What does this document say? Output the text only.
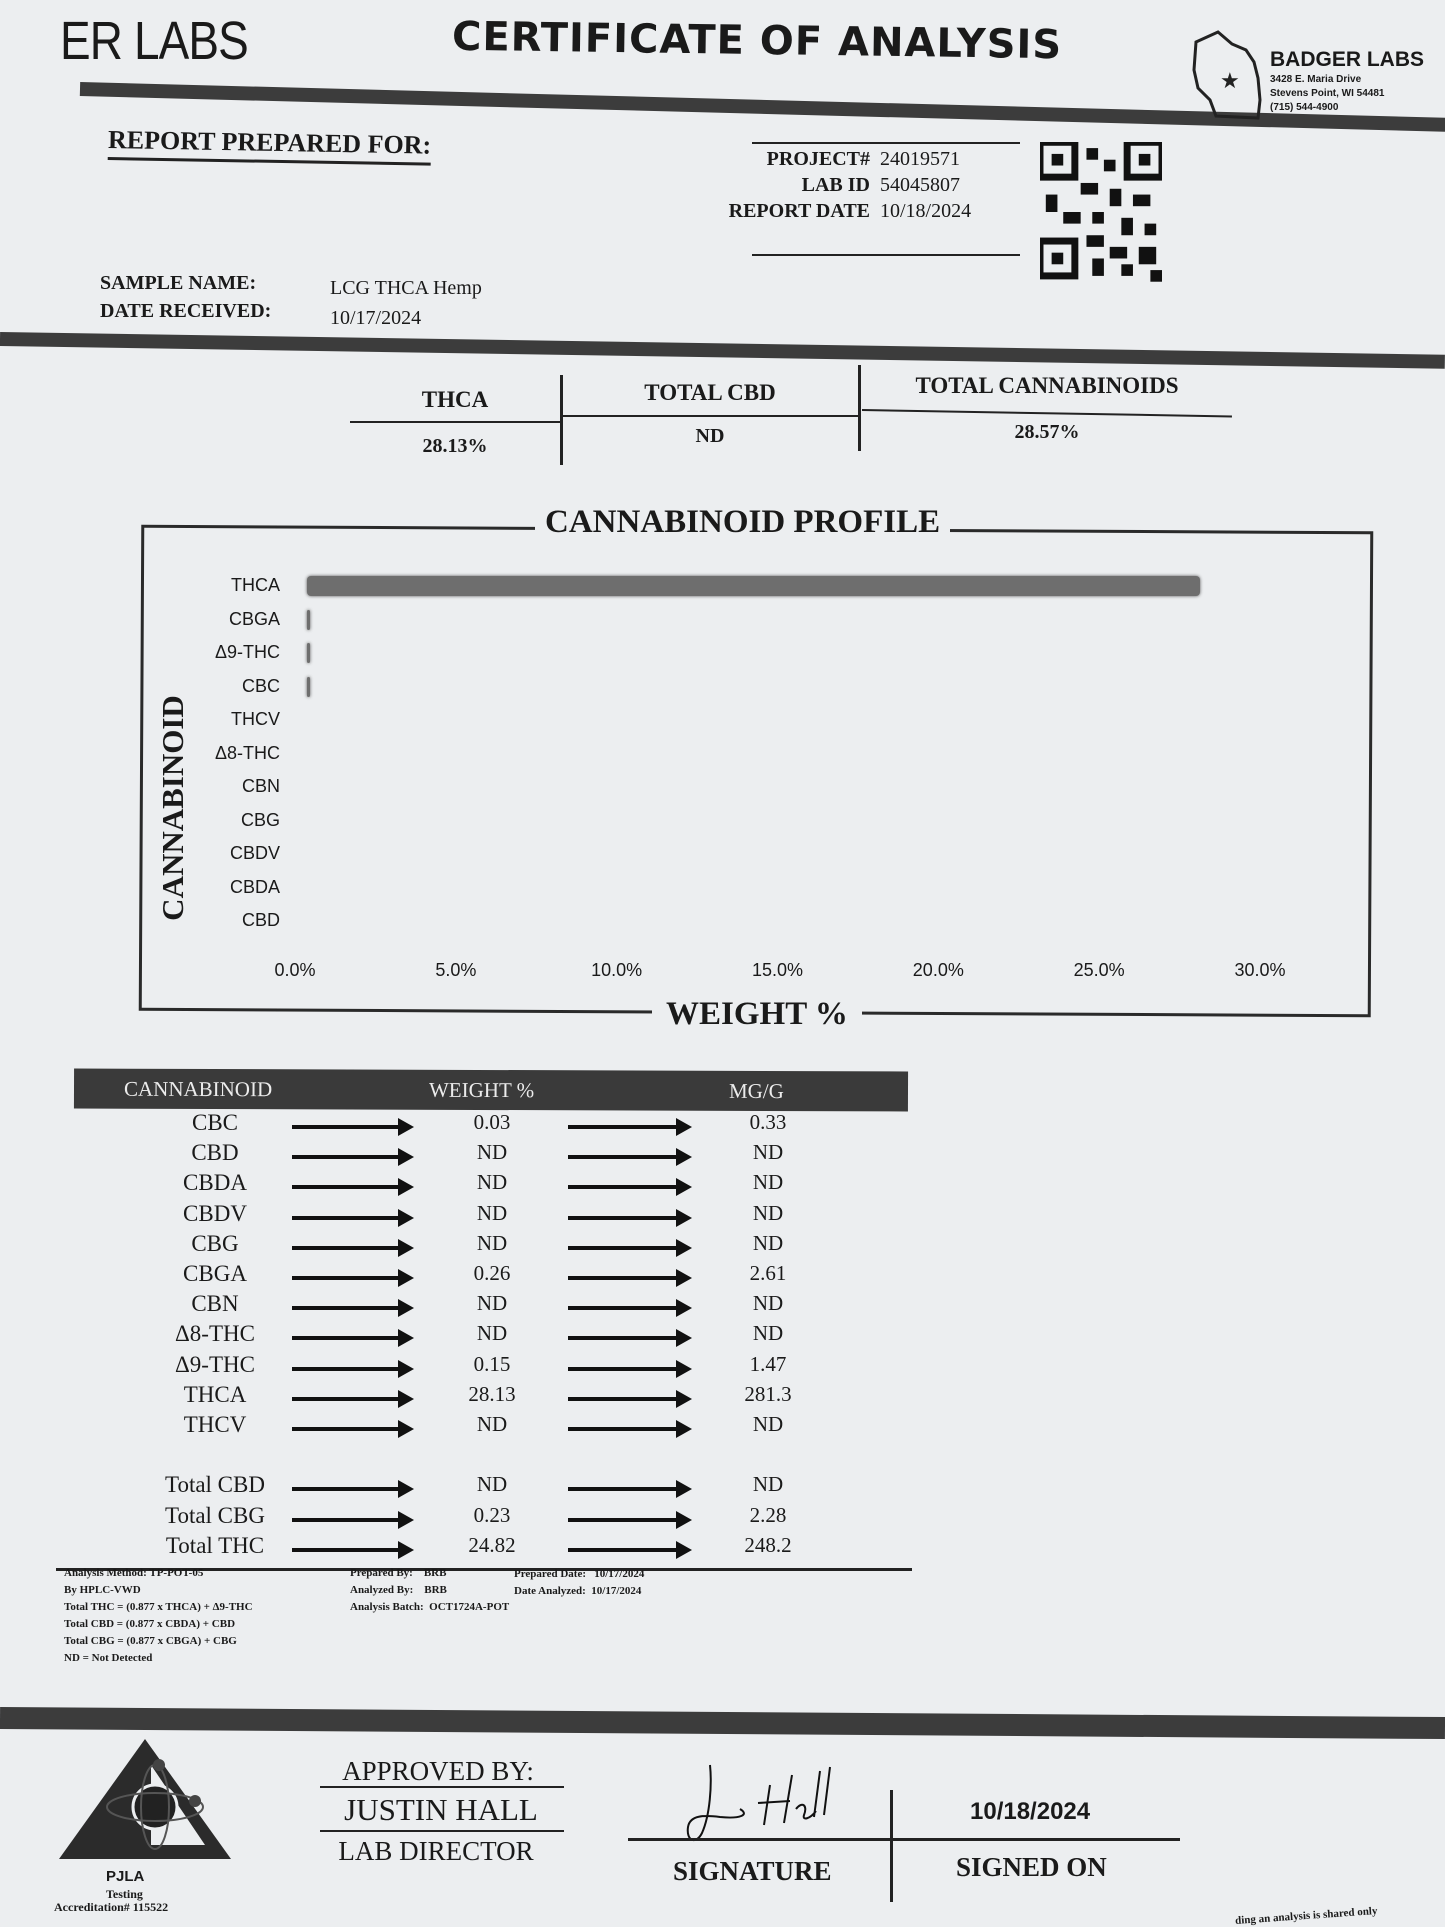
ER LABS	CERTIFICATE OF ANALYSIS
★
BADGER LABS
3428 E. Maria Drive
Stevens Point, WI 54481
(715) 544-4900
REPORT PREPARED FOR:	PROJECT# 24019571
LAB ID 54045807
REPORT DATE 10/18/2024
SAMPLE NAME:	LCG THCA Hemp
DATE RECEIVED:	10/17/2024
THCA
28.13%
TOTAL CBD
ND
TOTAL CANNABINOIDS
28.57%
CANNABINOID PROFILE
WEIGHT %
CANNABINOID
THCA
CBGA
Δ9-THC
CBC
THCV
Δ8-THC
CBN
CBG
CBDV
CBDA
CBD
0.0%	5.0%	10.0%	15.0%	20.0%	25.0%	30.0%
CANNABINOID	WEIGHT %	MG/G
CBC	0.03	0.33
CBD	ND	ND
CBDA	ND	ND
CBDV	ND	ND
CBG	ND	ND
CBGA	0.26	2.61
CBN	ND	ND
Δ8-THC	ND	ND
Δ9-THC	0.15	1.47
THCA	28.13	281.3
THCV	ND	ND
Total CBD	ND	ND
Total CBG	0.23	2.28
Total THC	24.82	248.2
Analysis Method: TP-POT-05
By HPLC-VWD
Total THC = (0.877 x THCA) + Δ9-THC
Total CBD = (0.877 x CBDA) + CBD
Total CBG = (0.877 x CBGA) + CBG
ND = Not Detected
Prepared By: BRB
Analyzed By: BRB
Analysis Batch: OCT1724A-POT
Prepared Date: 10/17/2024
Date Analyzed: 10/17/2024
PJLA
Testing
Accreditation# 115522
APPROVED BY:
JUSTIN HALL
LAB DIRECTOR
SIGNATURE	SIGNED ON
10/18/2024
ding an analysis is shared only
